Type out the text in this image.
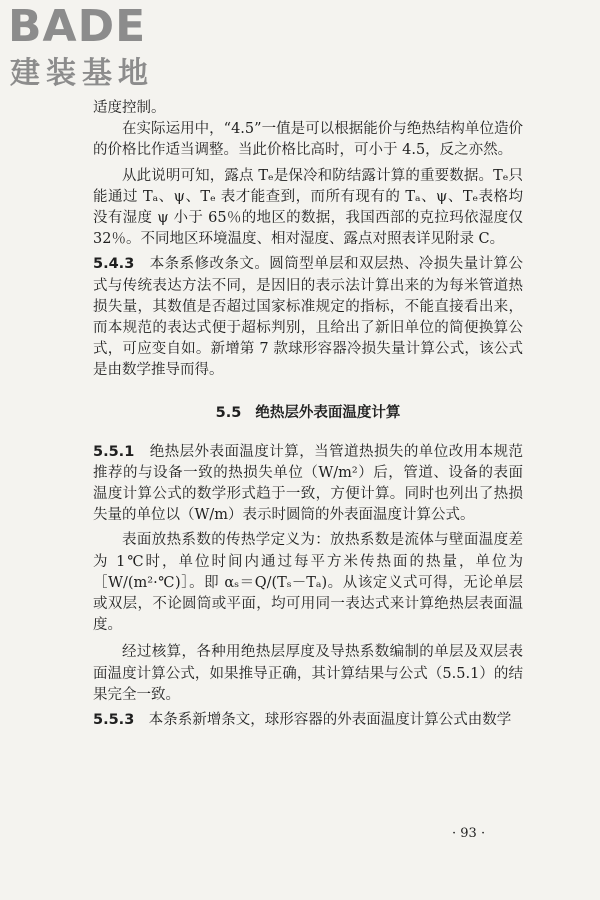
BADE
建装基地

适度控制。

在实际运用中，“4.5”一值是可以根据能价与绝热结构单位造价的价格比作适当调整。当此价格比高时，可小于 4.5，反之亦然。

从此说明可知，露点 Tₑ是保冷和防结露计算的重要数据。Tₑ只能通过 Tₐ、ψ、Tₑ 表才能查到，而所有现有的 Tₐ、ψ、Tₑ表格均没有湿度 ψ 小于 65％的地区的数据，我国西部的克拉玛依湿度仅 32％。不同地区环境温度、相对湿度、露点对照表详见附录 C。

5.4.3　 本条系修改条文。圆筒型单层和双层热、冷损失量计算公式与传统表达方法不同，是因旧的表示法计算出来的为每米管道热损失量，其数值是否超过国家标准规定的指标，不能直接看出来，而本规范的表达式便于超标判别，且给出了新旧单位的简便换算公式，可应变自如。新增第 7 款球形容器冷损失量计算公式，该公式是由数学推导而得。

5.5 绝热层外表面温度计算

5.5.1　 绝热层外表面温度计算，当管道热损失的单位改用本规范推荐的与设备一致的热损失单位（W/m²）后，管道、设备的表面温度计算公式的数学形式趋于一致，方便计算。同时也列出了热损失量的单位以（W/m）表示时圆筒的外表面温度计算公式。

表面放热系数的传热学定义为：放热系数是流体与壁面温度差为 1℃时，单位时间内通过每平方米传热面的热量，单位为［W/(m²·℃)］。即 αₛ＝Q/(Tₛ－Tₐ)。从该定义式可得，无论单层或双层，不论圆筒或平面，均可用同一表达式来计算绝热层表面温度。

经过核算，各种用绝热层厚度及导热系数编制的单层及双层表面温度计算公式，如果推导正确，其计算结果与公式（5.5.1）的结果完全一致。

5.5.3　 本条系新增条文，球形容器的外表面温度计算公式由数学

· 93 ·
